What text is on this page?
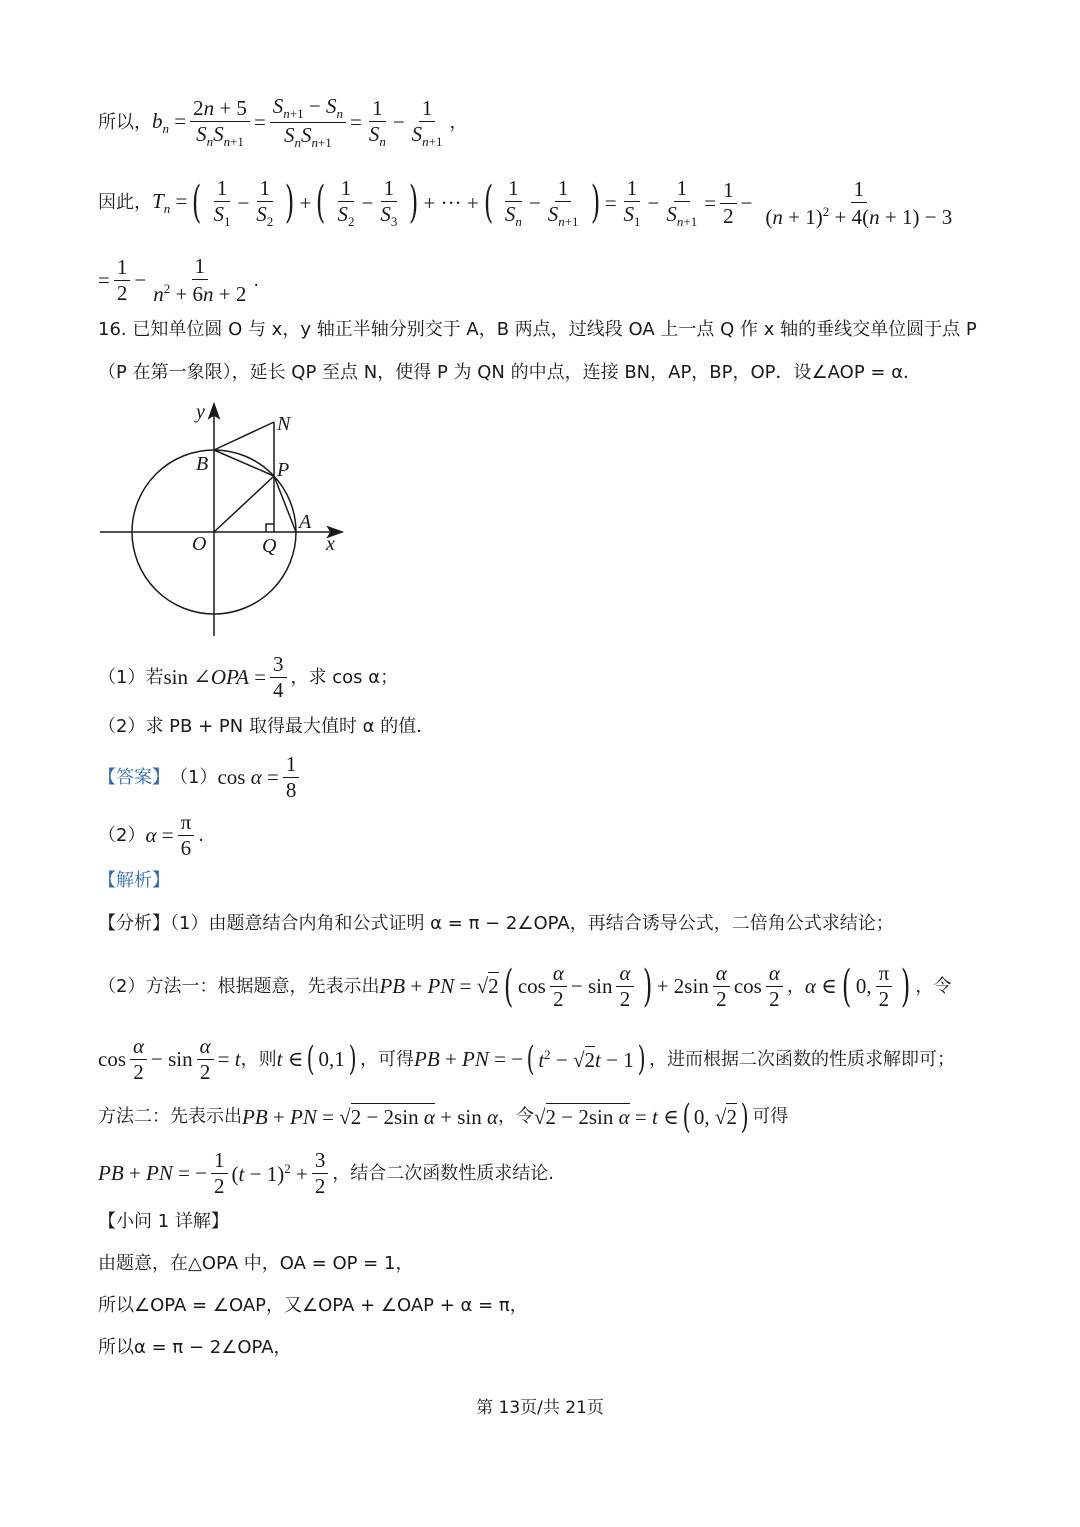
所以， $b_n = \frac{2n + 5}{S_nS_{n+1}} = \frac{S_{n+1} - S_n}{S_nS_{n+1}} = \frac{1}{S_n} - \frac{1}{S_{n+1}}$ ，
因此， $T_n$ = ( $\frac{1}{S_1} - \frac{1}{S_2}$ ) + ( $\frac{1}{S_2} - \frac{1}{S_3}$ ) + ··· + ( $\frac{1}{S_n} - \frac{1}{S_{n+1}}$ ) = $\frac{1}{S_1} - \frac{1}{S_{n+1}} = \frac{1}{2} - \frac{1}{(n + 1)^2 + 4(n + 1) - 3}$
= $\frac{1}{2} - \frac{1}{n^2 + 6n + 2}$ .
16. 已知单位圆 O 与 x，y 轴正半轴分别交于 A，B 两点，过线段 OA 上一点 Q 作 x 轴的垂线交单位圆于点 P
（P 在第一象限），延长 QP 至点 N，使得 P 为 QN 的中点，连接 BN，AP，BP，OP．设∠AOP = α．
y
x
O
A
B	P
Q
N
（1）若 sin ∠OPA = $\frac{3}{4}$ ，求 cos α；
（2）求 PB + PN 取得最大值时 α 的值．
【答案】 （1） $\cos \alpha = \frac{1}{8}$
（2） $\alpha = \frac{\pi}{6}$ .
【解析】
【分析】（1）由题意结合内角和公式证明 α = π − 2∠OPA，再结合诱导公式，二倍角公式求结论；
（2）方法一：根据题意，先表示出 PB + PN = √2 ( $\cos \frac{\alpha}{2} - \sin \frac{\alpha}{2}$ ) + $2\sin \frac{\alpha}{2}$ $\cos \frac{\alpha}{2}$ ， α ∈ ( 0, $\frac{\pi}{2}$ ) ，令
$\cos \frac{\alpha}{2} - \sin \frac{\alpha}{2} = t$ ，则 t ∈ ( 0,1 ) ，可得 PB + PN = − ( $t^2 - √2t - 1$ ) ，进而根据二次函数的性质求解即可；
方法二：先表示出 PB + PN = √2 − 2sin α + sin α ，令 √2 − 2sin α = t ∈ ( 0, √2 ) 可得
PB + PN = − $\frac{1}{2} (t - 1)^2 + \frac{3}{2}$ ，结合二次函数性质求结论.
【小问 1 详解】
由题意，在△OPA 中，OA = OP = 1，
所以∠OPA = ∠OAP，又∠OPA + ∠OAP + α = π，
所以α = π − 2∠OPA，
第 13页/共 21页
